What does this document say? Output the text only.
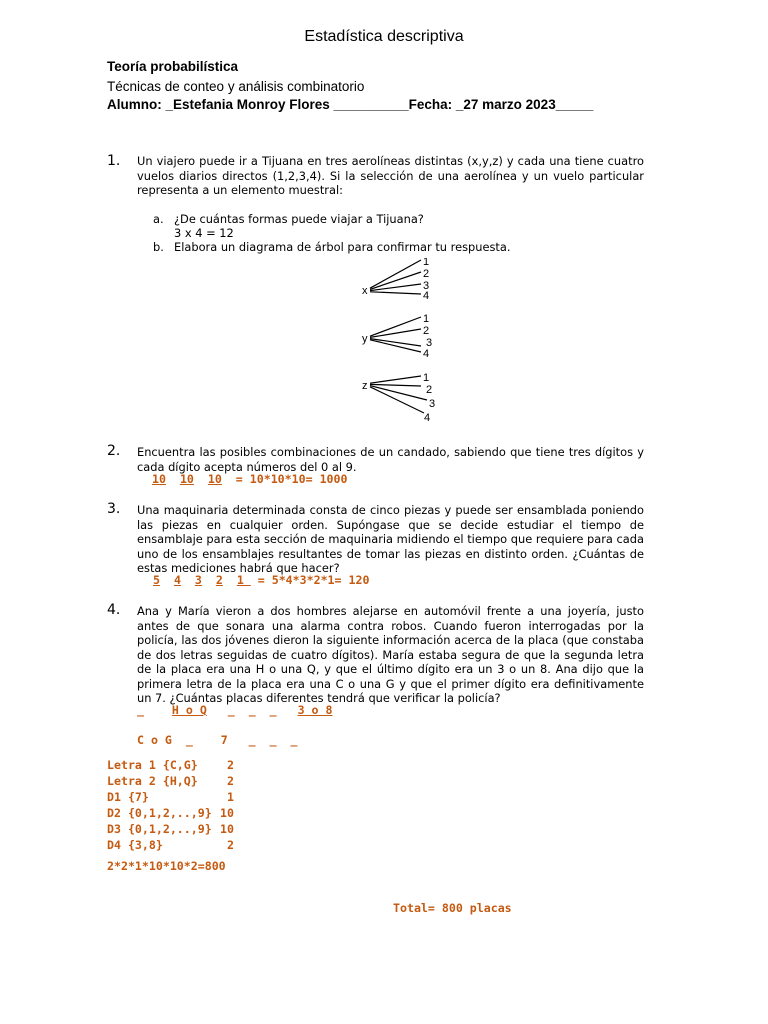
Estadística descriptiva
Teoría probabilística
Técnicas de conteo y análisis combinatorio
Alumno: _Estefania Monroy Flores __________Fecha: _27 marzo 2023_____
1. Un viajero puede ir a Tijuana en tres aerolíneas distintas (x,y,z) y cada una tiene cuatro vuelos diarios directos (1,2,3,4). Si la selección de una aerolínea y un vuelo particular representa a un elemento muestral:
a. ¿De cuántas formas puede viajar a Tijuana?
3 x 4 = 12
b. Elabora un diagrama de árbol para confirmar tu respuesta.
x
1
2
3
4
y
1
2
3
4
z
1
2
3
4
2. Encuentra las posibles combinaciones de un candado, sabiendo que tiene tres dígitos y cada dígito acepta números del 0 al 9.
10 10 10  = 10*10*10= 1000
3. Una maquinaria determinada consta de cinco piezas y puede ser ensamblada poniendo las piezas en cualquier orden. Supóngase que se decide estudiar el tiempo de ensamblaje para esta sección de maquinaria midiendo el tiempo que requiere para cada uno de los ensamblajes resultantes de tomar las piezas en distinto orden. ¿Cuántas de estas mediciones habrá que hacer?
5 4 3 2 1  = 5*4*3*2*1= 120
4. Ana y María vieron a dos hombres alejarse en automóvil frente a una joyería, justo antes de que sonara una alarma contra robos. Cuando fueron interrogadas por la policía, las dos jóvenes dieron la siguiente información acerca de la placa (que constaba de dos letras seguidas de cuatro dígitos). María estaba segura de que la segunda letra de la placa era una H o una Q, y que el último dígito era un 3 o un 8. Ana dijo que la primera letra de la placa era una C o una G y que el primer dígito era definitivamente un 7. ¿Cuántas placas diferentes tendrá que verificar la policía?
_ H o Q _  _  _ 3 o 8
C o G  _    7   _  _  _
Letra 1 {C,G}	2
Letra 2 {H,Q}	2
D1 {7}	1
D2 {0,1,2,..,9} 10
D3 {0,1,2,..,9} 10
D4 {3,8}	2
2*2*1*10*10*2=800
Total= 800 placas
